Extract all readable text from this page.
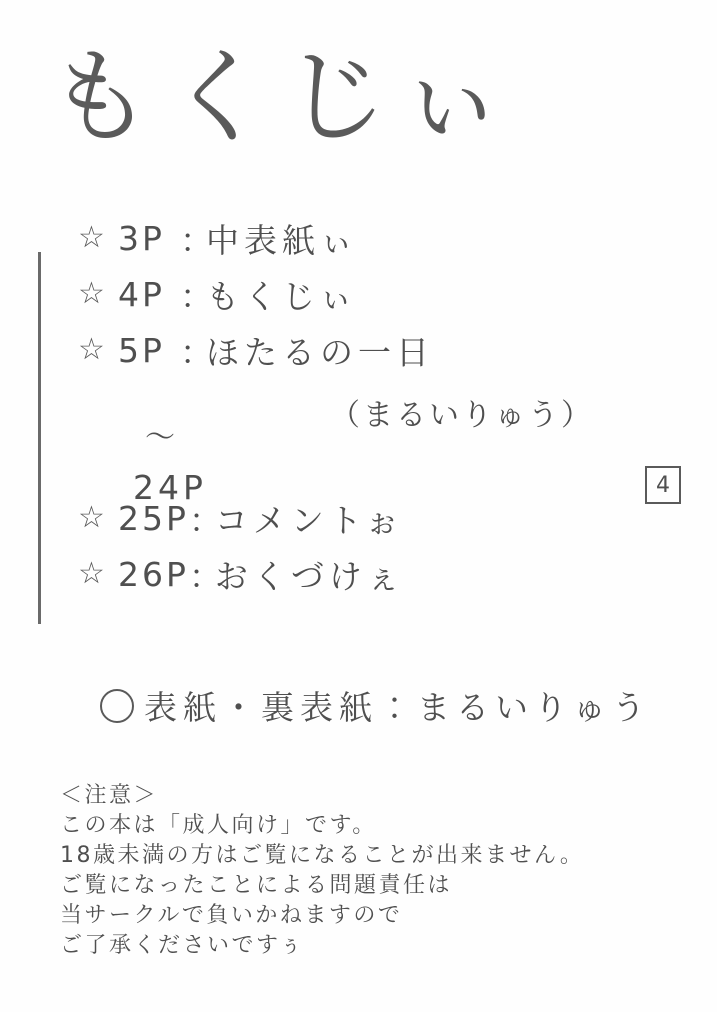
もくじぃ
☆ 3P ：
中表紙ぃ
☆ 4P ：
もくじぃ
☆ 5P ：
ほたるの一日
☆ 25P ：
コメントぉ
☆ 26P ：
おくづけぇ
（まるいりゅう）
～
24P	4
表紙・裏表紙：まるいりゅう
＜注意＞
この本は「成人向け」です。
18歳未満の方はご覧になることが出来ません。
ご覧になったことによる問題責任は
当サークルで負いかねますので
ご了承くださいですぅ
